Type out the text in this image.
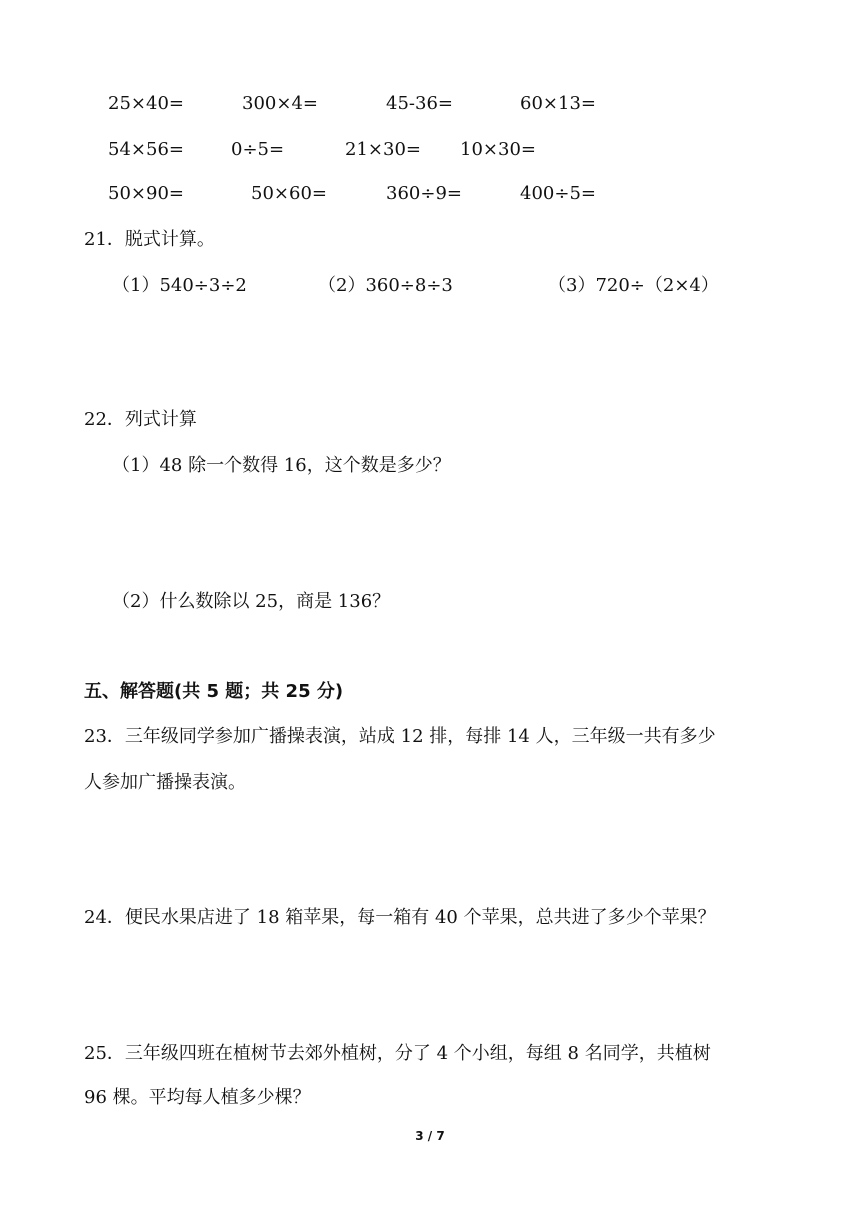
25×40=	300×4=	45-36=	60×13=
54×56=	0÷5=	21×30= 10×30=
50×90=	50×60=	360÷9=	400÷5=
21．脱式计算。
（1）540÷3÷2	（2）360÷8÷3	（3）720÷（2×4）
22．列式计算
（1）48 除一个数得 16，这个数是多少？
（2）什么数除以 25，商是 136？
五、解答题(共 5 题；共 25 分)
23．三年级同学参加广播操表演，站成 12 排，每排 14 人，三年级一共有多少
人参加广播操表演。
24．便民水果店进了 18 箱苹果，每一箱有 40 个苹果，总共进了多少个苹果？
25．三年级四班在植树节去郊外植树，分了 4 个小组，每组 8 名同学，共植树
96 棵。平均每人植多少棵？
3 / 7
